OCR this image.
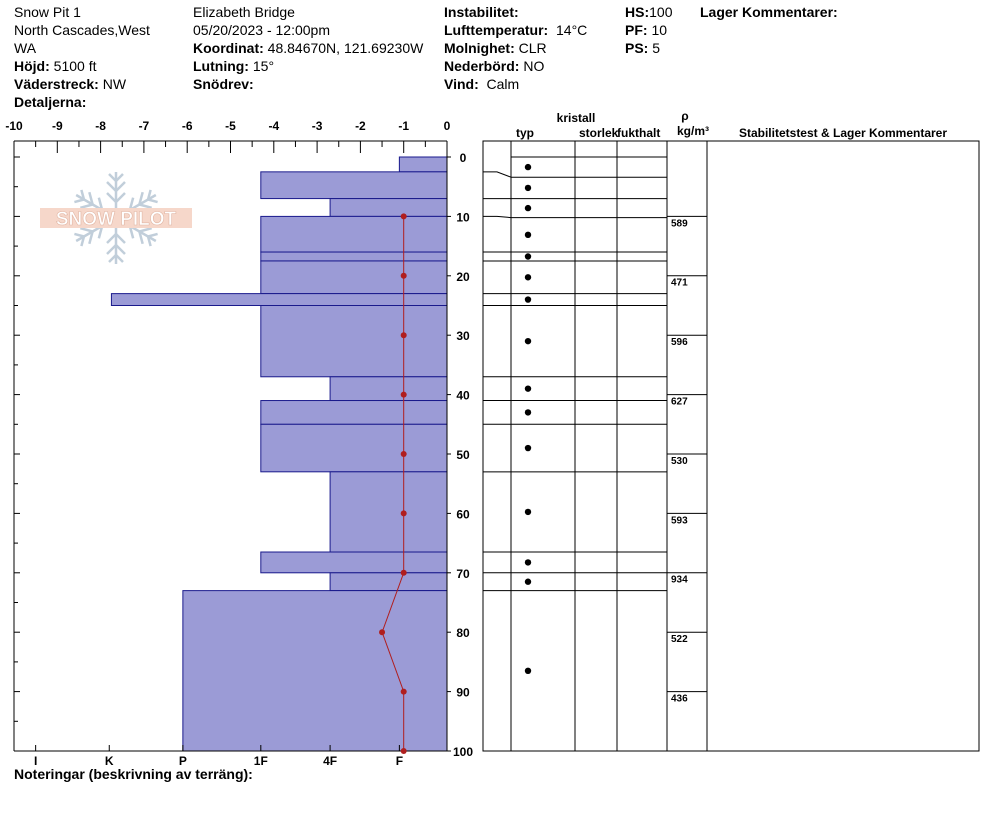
Snow Pit 1
North Cascades,West
WA
Höjd: 5100 ft
Väderstreck: NW
Detaljerna:
Elizabeth Bridge
05/20/2023 - 12:00pm
Koordinat: 48.84670N, 121.69230W
Lutning: 15°
Snödrev:
Instabilitet:
Lufttemperatur: 14°C
Molnighet: CLR
Nederbörd: NO
Vind: Calm
HS:100
PF: 10
PS: 5
Lager Kommentarer:
Noteringar (beskrivning av terräng):
SNOW PILOT
-10 -9	-8	-7	-6	-5	-4	-3	-2	-1	0
0
10
20
30
40
50
60
70
80
90
100
I	K	P	1F	4F	F
kristall
typ	storlek
fukthalt
ρ
kg/m³ Stabilitetstest & Lager Kommentarer
589
471
596
627
530
593
934
522
436
